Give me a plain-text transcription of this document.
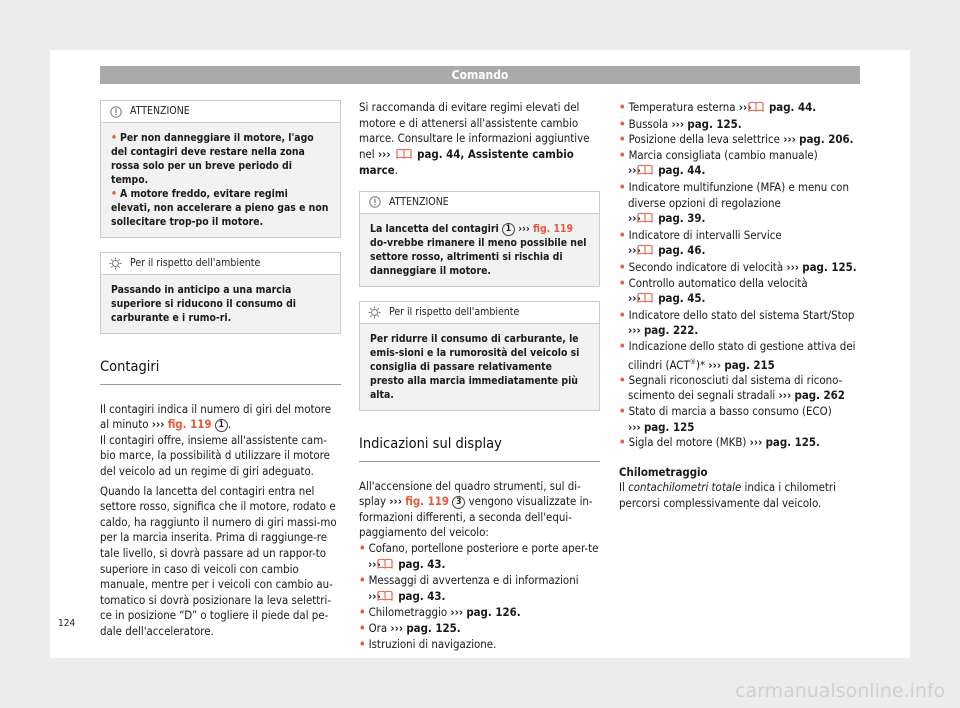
Comando
ATTENZIONE

• Per non danneggiare il motore, l'ago del contagiri deve restare nella zona rossa solo per un breve periodo di tempo.

• A motore freddo, evitare regimi elevati, non accelerare a pieno gas e non sollecitare trop-po il motore.

Per il rispetto dell'ambiente

Passando in anticipo a una marcia superiore si riducono il consumo di carburante e i rumo-ri.

Contagiri

Il contagiri indica il numero di giri del motore al minuto ››› fig. 119 1 .

Il contagiri offre, insieme all'assistente cam-bio marce, la possibilità d utilizzare il motore del veicolo ad un regime di giri adeguato.

Quando la lancetta del contagiri entra nel settore rosso, significa che il motore, rodato e caldo, ha raggiunto il numero di giri massi-mo per la marcia inserita. Prima di raggiunge-re tale livello, si dovrà passare ad un rappor-to superiore in caso di veicoli con cambio manuale, mentre per i veicoli con cambio au-tomatico si dovrà posizionare la leva selettri-ce in posizione “D” o togliere il piede dal pe-dale dell'acceleratore.

Si raccomanda di evitare regimi elevati del motore e di attenersi all'assistente cambio marce. Consultare le informazioni aggiuntive nel ››› pag. 44, Assistente cambio marce.

ATTENZIONE

La lancetta del contagiri 1 ››› fig. 119 do-vrebbe rimanere il meno possibile nel settore rosso, altrimenti si rischia di danneggiare il motore.

Per il rispetto dell'ambiente

Per ridurre il consumo di carburante, le emis-sioni e la rumorosità del veicolo si consiglia di passare relativamente presto alla marcia immediatamente più alta.

Indicazioni sul display

All'accensione del quadro strumenti, sul di-splay ››› fig. 119 3 vengono visualizzate in-formazioni differenti, a seconda dell'equi-paggiamento del veicolo:

• Cofano, portellone posteriore e porte aper-te ››› pag. 43.
• Messaggi di avvertenza e di informazioni
››› pag. 43.
• Chilometraggio ››› pag. 126.
• Ora ››› pag. 125.
• Istruzioni di navigazione.
• Temperatura esterna ››› pag. 44.
• Bussola ››› pag. 125.
• Posizione della leva selettrice ››› pag. 206.
• Marcia consigliata (cambio manuale)
››› pag. 44.
• Indicatore multifunzione (MFA) e menu con diverse opzioni di regolazione
››› pag. 39.
• Indicatore di intervalli Service
››› pag. 46.
• Secondo indicatore di velocità ››› pag. 125.
• Controllo automatico della velocità
››› pag. 45.
• Indicatore dello stato del sistema Start/Stop ››› pag. 222.
• Indicazione dello stato di gestione attiva dei cilindri (ACT®)* ››› pag. 215
• Segnali riconosciuti dal sistema di ricono-scimento dei segnali stradali ››› pag. 262
• Stato di marcia a basso consumo (ECO)
››› pag. 125
• Sigla del motore (MKB) ››› pag. 125.

Chilometraggio

Il contachilometri totale indica i chilometri percorsi complessivamente dal veicolo.

124
carmanualsonline.info
